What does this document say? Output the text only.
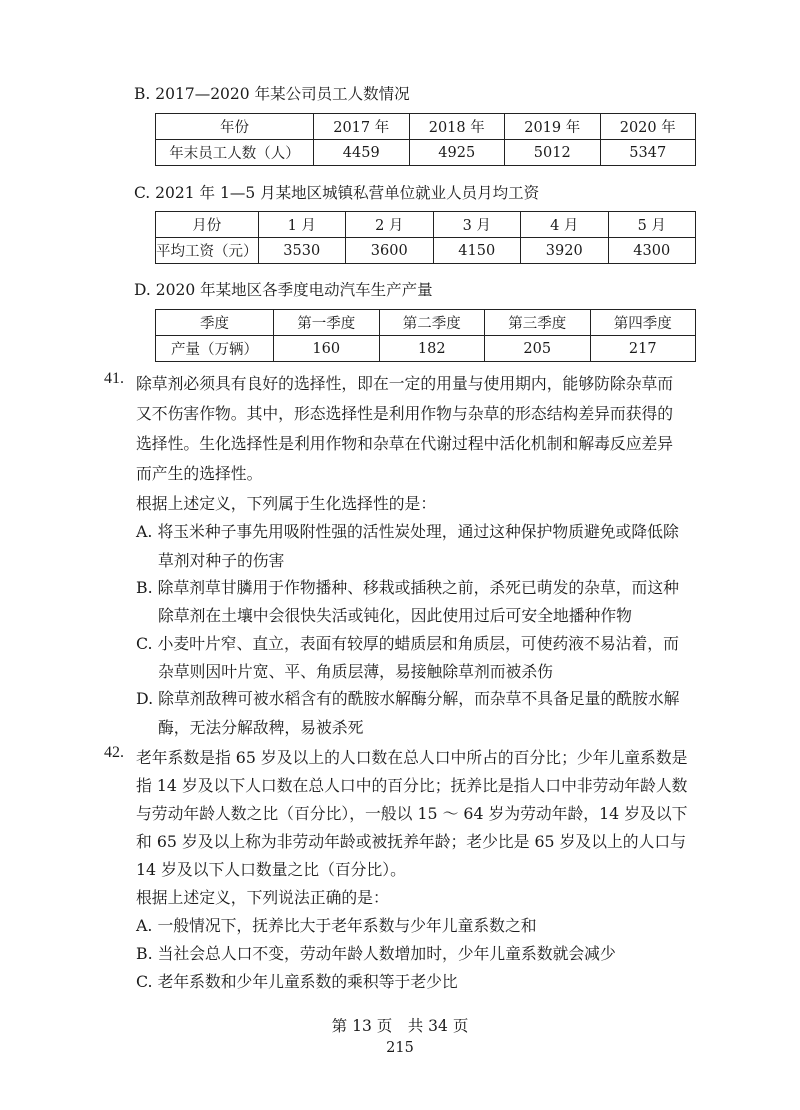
B. 2017—2020 年某公司员工人数情况
年份	2017 年	2018 年	2019 年	2020 年
年末员工人数（人）	4459	4925	5012	5347
C. 2021 年 1—5 月某地区城镇私营单位就业人员月均工资
月份	1 月	2 月	3 月	4 月	5 月
平均工资（元）	3530	3600	4150	3920	4300
D. 2020 年某地区各季度电动汽车生产产量
季度	第一季度	第二季度	第三季度	第四季度
产量（万辆）	160	182	205	217
41. 除草剂必须具有良好的选择性，即在一定的用量与使用期内，能够防除杂草而
又不伤害作物。其中，形态选择性是利用作物与杂草的形态结构差异而获得的
选择性。生化选择性是利用作物和杂草在代谢过程中活化机制和解毒反应差异
而产生的选择性。
根据上述定义，下列属于生化选择性的是：
A. 将玉米种子事先用吸附性强的活性炭处理，通过这种保护物质避免或降低除
草剂对种子的伤害
B. 除草剂草甘膦用于作物播种、移栽或插秧之前，杀死已萌发的杂草，而这种
除草剂在土壤中会很快失活或钝化，因此使用过后可安全地播种作物
C. 小麦叶片窄、直立，表面有较厚的蜡质层和角质层，可使药液不易沾着，而
杂草则因叶片宽、平、角质层薄，易接触除草剂而被杀伤
D. 除草剂敌稗可被水稻含有的酰胺水解酶分解，而杂草不具备足量的酰胺水解
酶，无法分解敌稗，易被杀死
42. 老年系数是指 65 岁及以上的人口数在总人口中所占的百分比；少年儿童系数是
指 14 岁及以下人口数在总人口中的百分比；抚养比是指人口中非劳动年龄人数
与劳动年龄人数之比（百分比），一般以 15 ～ 64 岁为劳动年龄，14 岁及以下
和 65 岁及以上称为非劳动年龄或被抚养年龄；老少比是 65 岁及以上的人口与
14 岁及以下人口数量之比（百分比）。
根据上述定义，下列说法正确的是：
A. 一般情况下，抚养比大于老年系数与少年儿童系数之和
B. 当社会总人口不变，劳动年龄人数增加时，少年儿童系数就会减少
C. 老年系数和少年儿童系数的乘积等于老少比
第 13 页　共 34 页
215
